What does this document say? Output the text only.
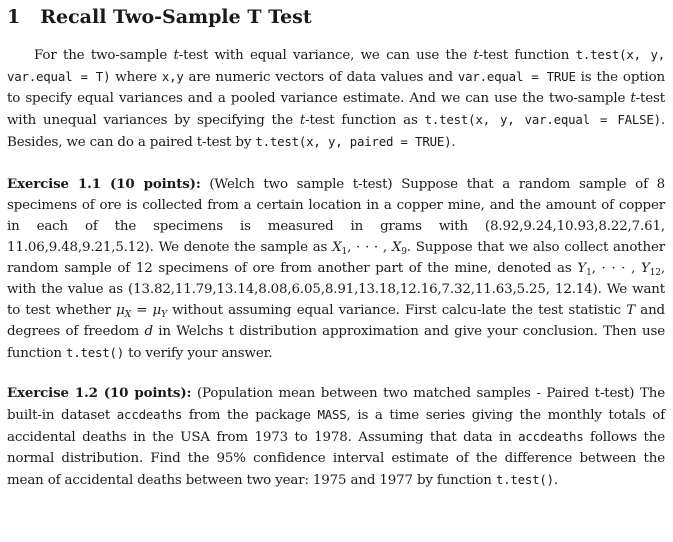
1 Recall Two-Sample T Test

For the two-sample t-test with equal variance, we can use the t-test function t.test(x, y, var.equal = T) where x,y are numeric vectors of data values and var.equal = TRUE is the option to specify equal variances and a pooled variance estimate. And we can use the two-sample t-test with unequal variances by specifying the t-test function as t.test(x, y, var.equal = FALSE). Besides, we can do a paired t-test by t.test(x, y, paired = TRUE).

Exercise 1.1 (10 points): (Welch two sample t-test) Suppose that a random sample of 8 specimens of ore is collected from a certain location in a copper mine, and the amount of copper in each of the specimens is measured in grams with (8.92,9.24,10.93,8.22,7.61, 11.06,9.48,9.21,5.12). We denote the sample as $X_1$, · · · , $X_9$. Suppose that we also collect another random sample of 12 specimens of ore from another part of the mine, denoted as $Y_1$, · · · , $Y_{12}$, with the value as (13.82,11.79,13.14,8.08,6.05,8.91,13.18,12.16,7.32,11.63,5.25, 12.14). We want to test whether $\mu_X = \mu_Y$ without assuming equal variance. First calcu-late the test statistic T and degrees of freedom d in Welchs t distribution approximation and give your conclusion. Then use function t.test() to verify your answer.

Exercise 1.2 (10 points): (Population mean between two matched samples - Paired t-test) The built-in dataset accdeaths from the package MASS, is a time series giving the monthly totals of accidental deaths in the USA from 1973 to 1978. Assuming that data in accdeaths follows the normal distribution. Find the 95% confidence interval estimate of the difference between the mean of accidental deaths between two year: 1975 and 1977 by function t.test().
